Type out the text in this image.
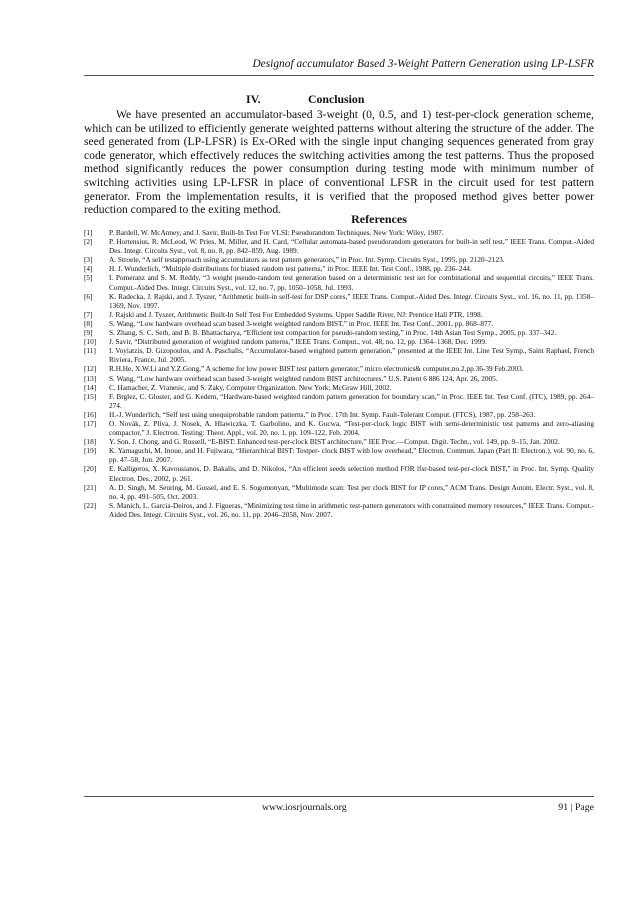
Designof accumulator Based 3-Weight Pattern Generation using LP-LSFR
IV.	Conclusion
We have presented an accumulator-based 3-weight (0, 0.5, and 1) test-per-clock generation scheme, which can be utilized to efficiently generate weighted patterns without altering the structure of the adder. The seed generated from (LP-LFSR) is Ex-ORed with the single input changing sequences generated from gray code generator, which effectively reduces the switching activities among the test patterns. Thus the proposed method significantly reduces the power consumption during testing mode with minimum number of switching activities using LP-LFSR in place of conventional LFSR in the circuit used for test pattern generator. From the implementation results, it is verified that the proposed method gives better power reduction compared to the exiting method.
References
[1]	P. Bardell, W. McAnney, and J. Savir, Built-In Test For VLSI: Pseudorandom Techniques. New York: Wiley, 1987.
[2]	P. Hortensius, R. McLeod, W. Pries, M. Miller, and H. Card, “Cellular automata-based pseudorandom generators for built-in self test,” IEEE Trans. Comput.-Aided Des. Integr. Circuits Syst., vol. 8, no. 8, pp. 842–859, Aug. 1989.
[3]	A. Stroele, “A self testapproach using accumulators as test pattern generators,” in Proc. Int. Symp. Circuits Syst., 1995, pp. 2120–2123.
[4]	H. J. Wunderlich, “Multiple distributions for biased random test patterns,” in Proc. IEEE Int. Test Conf., 1988, pp. 236–244.
[5]	I. Pomeranz and S. M. Reddy, “3 weight pseudo-random test generation based on a deterministic test set for combinational and sequential circuits,” IEEE Trans. Comput.-Aided Des. Integr. Circuits Syst., vol. 12, no. 7, pp. 1050–1058, Jul. 1993.
[6]	K. Radecka, J. Rajski, and J. Tyszer, “Arithmetic built-in self-test for DSP cores,” IEEE Trans. Comput.-Aided Des. Integr. Circuits Syst., vol. 16, no. 11, pp. 1358–1369, Nov. 1997.
[7]	J. Rajski and J. Tyszer, Arithmetic Built-In Self Test For Embedded Systems. Upper Saddle River, NJ: Prentice Hall PTR, 1998.
[8]	S. Wang, “Low hardware overhead scan based 3-weight weighted random BIST,” in Proc. IEEE Int. Test Conf., 2001, pp. 868–877.
[9]	S. Zhang, S. C. Seth, and B. B. Bhattacharya, “Efficient test compaction for pseudo-random testing,” in Proc. 14th Asian Test Symp., 2005, pp. 337–342.
[10]	J. Savir, “Distributed generation of weighted random patterns,” IEEE Trans. Comput., vol. 48, no. 12, pp. 1364–1368, Dec. 1999.
[11]	I. Voyiatzis, D. Gizopoulos, and A. Paschalis, “Accumulator-based weighted pattern generation,” presented at the IEEE Int. Line Test Symp., Saint Raphael, French Riviera, France, Jul. 2005.
[12]	R.H.He, X.W.Li and Y.Z.Gong,” A scheme for low power BIST test pattern generator,” micro electronics& computer,no.2,pp.36-39 Feb.2003.
[13]	S. Wang, “Low hardware overhead scan based 3-weight weighted random BIST architectures,” U.S. Patent 6 886 124, Apr. 26, 2005.
[14]	C. Hamacher, Z. Vranesic, and S. Zaky, Computer Organization. New York: McGraw Hill, 2002.
[15]	F. Brglez, C. Gloster, and G. Kedem, “Hardware-based weighted random pattern generation for boundary scan,” in Proc. IEEE Int. Test Conf. (ITC), 1989, pp. 264–274.
[16]	H.-J. Wunderlich, “Self test using unequiprobable random patterns,” in Proc. 17th Int. Symp. Fault-Tolerant Comput. (FTCS), 1987, pp. 258–263.
[17]	O. Novák, Z. Plíva, J. Nosek, A. Hlawiczka, T. Garbolino, and K. Gucwa, “Test-per-clock logic BIST with semi-deterministic test patterns and zero-aliasing compactor,” J. Electron. Testing: Theor. Appl., vol. 20, no. 1, pp. 109–122, Feb. 2004.
[18]	Y. Son, J. Chong, and G. Russell, “E-BIST: Enhanced test-per-clock BIST architecture,” IEE Proc.—Comput. Digit. Techn., vol. 149, pp. 9–15, Jan. 2002.
[19]	K. Yamaguchi, M. Inoue, and H. Fujiwara, “Hierarchical BIST: Testper- clock BIST with low overhead,” Electron. Commun. Japan (Part II: Electron.), vol. 90, no. 6, pp. 47–58, Jun. 2007.
[20]	E. Kalligeros, X. Kavousianos, D. Bakalis, and D. Nikolos, “An efficient seeds selection method FOR lfsr-based test-per-clock BIST,” in Proc. Int. Symp. Quality Electron. Des., 2002, p. 261.
[21]	A. D. Singh, M. Seuring, M. Gossel, and E. S. Sogomonyan, “Multimode scan: Test per clock BIST for IP cores,” ACM Trans. Design Autom. Electr. Syst., vol. 8, no. 4, pp. 491–505, Oct. 2003.
[22]	S. Manich, L. Garcia-Deiros, and J. Figueras, “Minimizing test time in arithmetic test-pattern generators with constrained memory resources,” IEEE Trans. Comput.-Aided Des. Integr. Circuits Syst., vol. 26, no. 11, pp. 2046–2058, Nov. 2007.
www.iosrjournals.org	91 | Page
